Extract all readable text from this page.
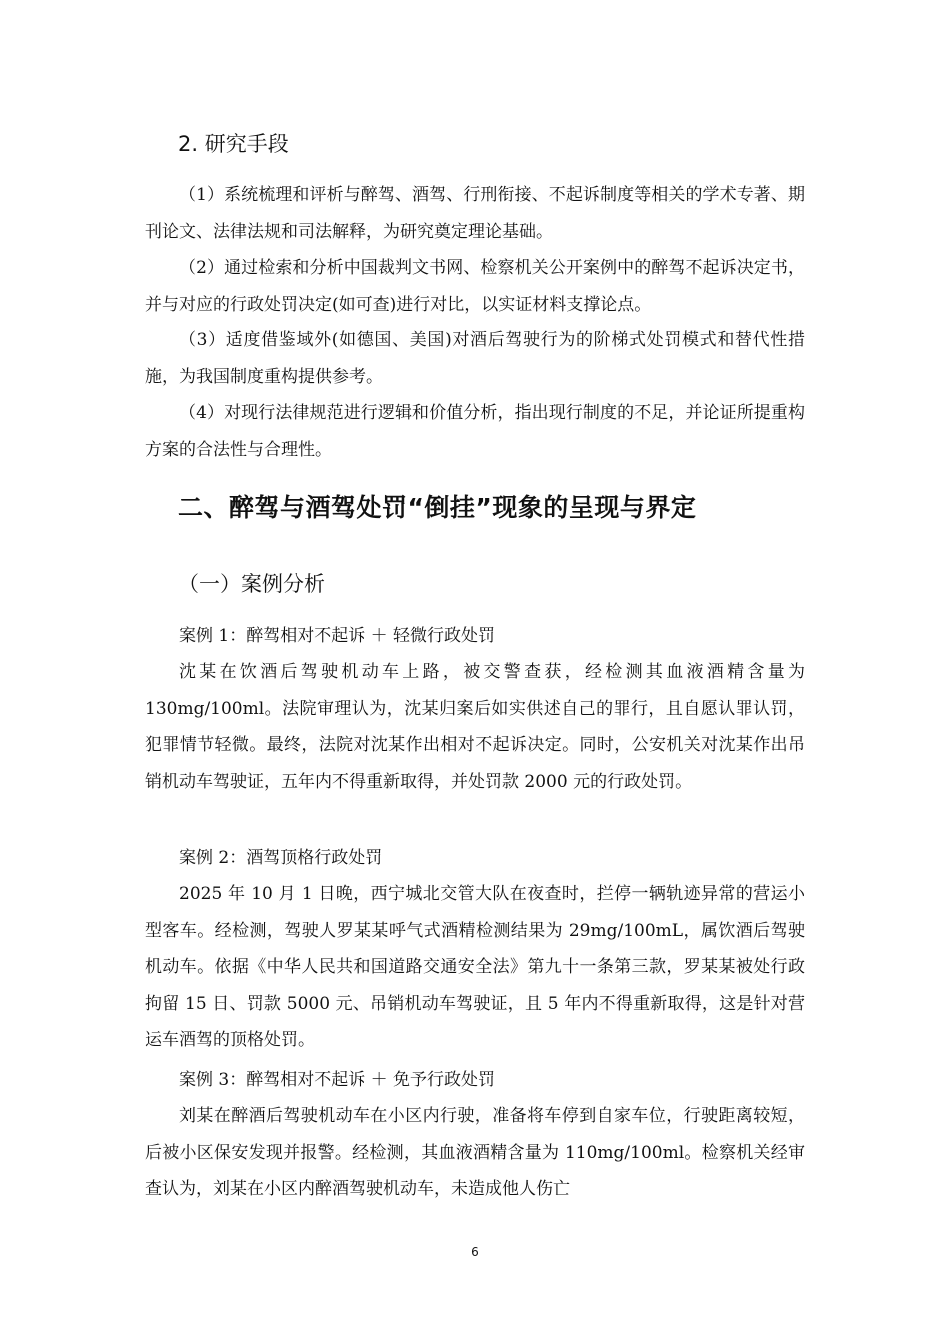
2. 研究手段

（1）系统梳理和评析与醉驾、酒驾、行刑衔接、不起诉制度等相关的学术专著、期刊论文、法律法规和司法解释，为研究奠定理论基础。

（2）通过检索和分析中国裁判文书网、检察机关公开案例中的醉驾不起诉决定书，并与对应的行政处罚决定(如可查)进行对比，以实证材料支撑论点。

（3）适度借鉴域外(如德国、美国)对酒后驾驶行为的阶梯式处罚模式和替代性措施，为我国制度重构提供参考。

（4）对现行法律规范进行逻辑和价值分析，指出现行制度的不足，并论证所提重构方案的合法性与合理性。

二、醉驾与酒驾处罚“倒挂”现象的呈现与界定
（一）案例分析

案例 1：醉驾相对不起诉 ＋ 轻微行政处罚

沈某在饮酒后驾驶机动车上路，被交警查获，经检测其血液酒精含量为 130mg/100ml。法院审理认为，沈某归案后如实供述自己的罪行，且自愿认罪认罚，犯罪情节轻微。最终，法院对沈某作出相对不起诉决定。同时，公安机关对沈某作出吊销机动车驾驶证，五年内不得重新取得，并处罚款 2000 元的行政处罚。

案例 2：酒驾顶格行政处罚

2025 年 10 月 1 日晚，西宁城北交管大队在夜查时，拦停一辆轨迹异常的营运小型客车。经检测，驾驶人罗某某呼气式酒精检测结果为 29mg/100mL，属饮酒后驾驶机动车。依据《中华人民共和国道路交通安全法》第九十一条第三款，罗某某被处行政拘留 15 日、罚款 5000 元、吊销机动车驾驶证，且 5 年内不得重新取得，这是针对营运车酒驾的顶格处罚。

案例 3：醉驾相对不起诉 ＋ 免予行政处罚

刘某在醉酒后驾驶机动车在小区内行驶，准备将车停到自家车位，行驶距离较短，后被小区保安发现并报警。经检测，其血液酒精含量为 110mg/100ml。检察机关经审查认为，刘某在小区内醉酒驾驶机动车，未造成他人伤亡

6
